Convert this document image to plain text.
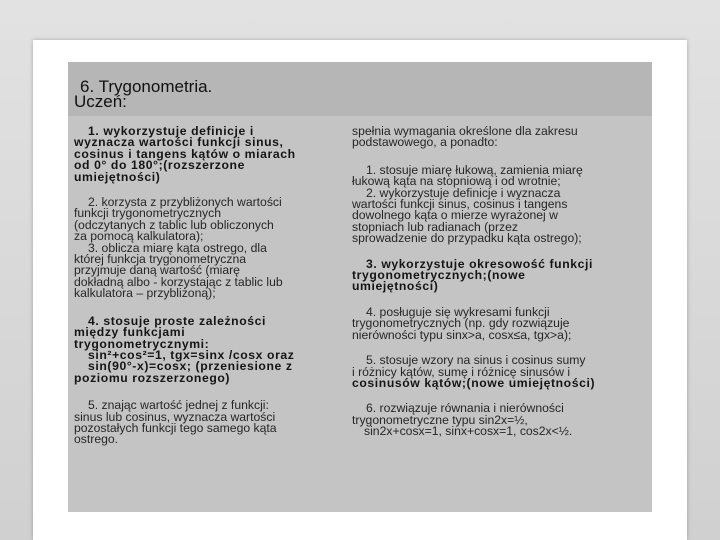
6. Trygonometria.
Uczeń:

1. wykorzystuje definicje i

wyznacza wartości funkcji sinus,

cosinus i tangens kątów o miarach

od 0° do 180°;(rozszerzone

umiejętności)

2. korzysta z przybliżonych wartości

funkcji trygonometrycznych

(odczytanych z tablic lub obliczonych

za pomocą kalkulatora);

3. oblicza miarę kąta ostrego, dla

której funkcja trygonometryczna

przyjmuje daną wartość (miarę

dokładną albo - korzystając z tablic lub

kalkulatora – przybliżoną);

4. stosuje proste zależności

między funkcjami

trygonometrycznymi:

sin²+cos²=1, tgx=sinx /cosx oraz

sin(90°-x)=cosx; (przeniesione z

poziomu rozszerzonego)

5. znając wartość jednej z funkcji:

sinus lub cosinus, wyznacza wartości

pozostałych funkcji tego samego kąta

ostrego.

spełnia wymagania określone dla zakresu

podstawowego, a ponadto:

1. stosuje miarę łukową, zamienia miarę

łukową kąta na stopniową i od wrotnie;

2. wykorzystuje definicje i wyznacza

wartości funkcji sinus, cosinus i tangens

dowolnego kąta o mierze wyrażonej w

stopniach lub radianach (przez

sprowadzenie do przypadku kąta ostrego);

3. wykorzystuje okresowość funkcji

trygonometrycznych;(nowe

umiejętności)

4. posługuje się wykresami funkcji

trygonometrycznych (np. gdy rozwiązuje

nierówności typu sinx>a, cosx≤a, tgx>a);

5. stosuje wzory na sinus i cosinus sumy

i różnicy kątów, sumę i różnicę sinusów i

cosinusów kątów;(nowe umiejętności)

6. rozwiązuje równania i nierówności

trygonometryczne typu sin2x=½,

sin2x+cosx=1, sinx+cosx=1, cos2x<½.
